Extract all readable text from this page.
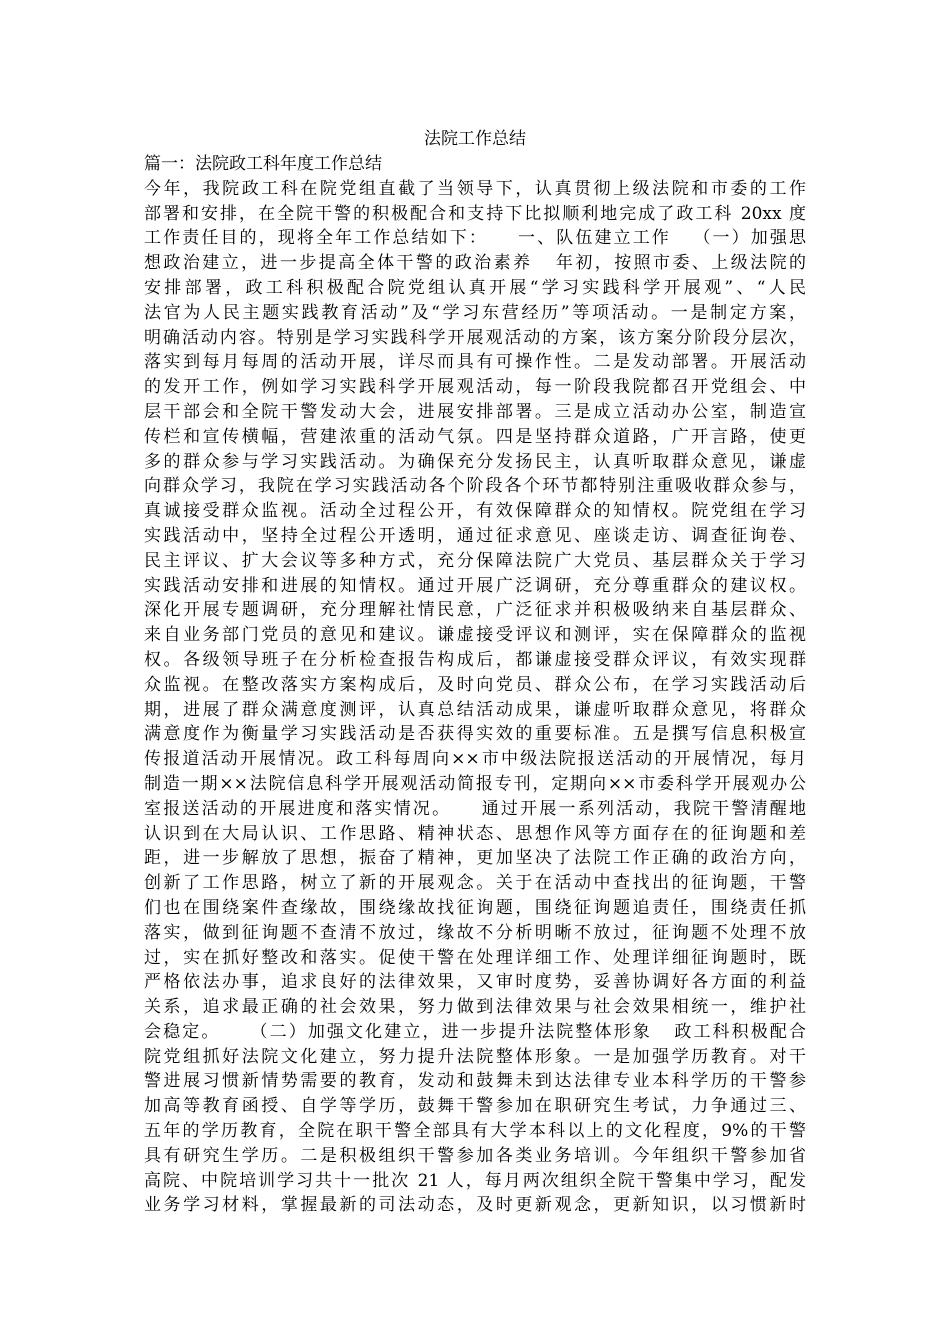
法院工作总结
篇一：法院政工科年度工作总结
今年，我院政工科在院党组直截了当领导下，认真贯彻上级法院和市委的工作
部署和安排，在全院干警的积极配合和支持下比拟顺利地完成了政工科 20xx 度
工作责任目的，现将全年工作总结如下：    一、队伍建立工作   （一）加强思
想政治建立，进一步提高全体干警的政治素养   年初，按照市委、上级法院的
安排部署，政工科积极配合院党组认真开展“学习实践科学开展观”、“人民
法官为人民主题实践教育活动”及“学习东营经历”等项活动。一是制定方案，
明确活动内容。特别是学习实践科学开展观活动的方案，该方案分阶段分层次，
落实到每月每周的活动开展，详尽而具有可操作性。二是发动部署。开展活动
的发开工作，例如学习实践科学开展观活动，每一阶段我院都召开党组会、中
层干部会和全院干警发动大会，进展安排部署。三是成立活动办公室，制造宣
传栏和宣传横幅，营建浓重的活动气氛。四是坚持群众道路，广开言路，使更
多的群众参与学习实践活动。为确保充分发扬民主，认真听取群众意见，谦虚
向群众学习，我院在学习实践活动各个阶段各个环节都特别注重吸收群众参与，
真诚接受群众监视。活动全过程公开，有效保障群众的知情权。院党组在学习
实践活动中，坚持全过程公开透明，通过征求意见、座谈走访、调查征询卷、
民主评议、扩大会议等多种方式，充分保障法院广大党员、基层群众关于学习
实践活动安排和进展的知情权。通过开展广泛调研，充分尊重群众的建议权。
深化开展专题调研，充分理解社情民意，广泛征求并积极吸纳来自基层群众、
来自业务部门党员的意见和建议。谦虚接受评议和测评，实在保障群众的监视
权。各级领导班子在分析检查报告构成后，都谦虚接受群众评议，有效实现群
众监视。在整改落实方案构成后，及时向党员、群众公布，在学习实践活动后
期，进展了群众满意度测评，认真总结活动成果，谦虚听取群众意见，将群众
满意度作为衡量学习实践活动是否获得实效的重要标准。五是撰写信息积极宣
传报道活动开展情况。政工科每周向××市中级法院报送活动的开展情况，每月
制造一期××法院信息科学开展观活动简报专刊，定期向××市委科学开展观办公
室报送活动的开展进度和落实情况。    通过开展一系列活动，我院干警清醒地
认识到在大局认识、工作思路、精神状态、思想作风等方面存在的征询题和差
距，进一步解放了思想，振奋了精神，更加坚决了法院工作正确的政治方向，
创新了工作思路，树立了新的开展观念。关于在活动中查找出的征询题，干警
们也在围绕案件查缘故，围绕缘故找征询题，围绕征询题追责任，围绕责任抓
落实，做到征询题不查清不放过，缘故不分析明晰不放过，征询题不处理不放
过，实在抓好整改和落实。促使干警在处理详细工作、处理详细征询题时，既
严格依法办事，追求良好的法律效果，又审时度势，妥善协调好各方面的利益
关系，追求最正确的社会效果，努力做到法律效果与社会效果相统一，维护社
会稳定。    （二）加强文化建立，进一步提升法院整体形象   政工科积极配合
院党组抓好法院文化建立，努力提升法院整体形象。一是加强学历教育。对干
警进展习惯新情势需要的教育，发动和鼓舞未到达法律专业本科学历的干警参
加高等教育函授、自学等学历，鼓舞干警参加在职研究生考试，力争通过三、
五年的学历教育，全院在职干警全部具有大学本科以上的文化程度，9%的干警
具有研究生学历。二是积极组织干警参加各类业务培训。今年组织干警参加省
高院、中院培训学习共十一批次 21 人，每月两次组织全院干警集中学习，配发
业务学习材料，掌握最新的司法动态，及时更新观念，更新知识，以习惯新时
